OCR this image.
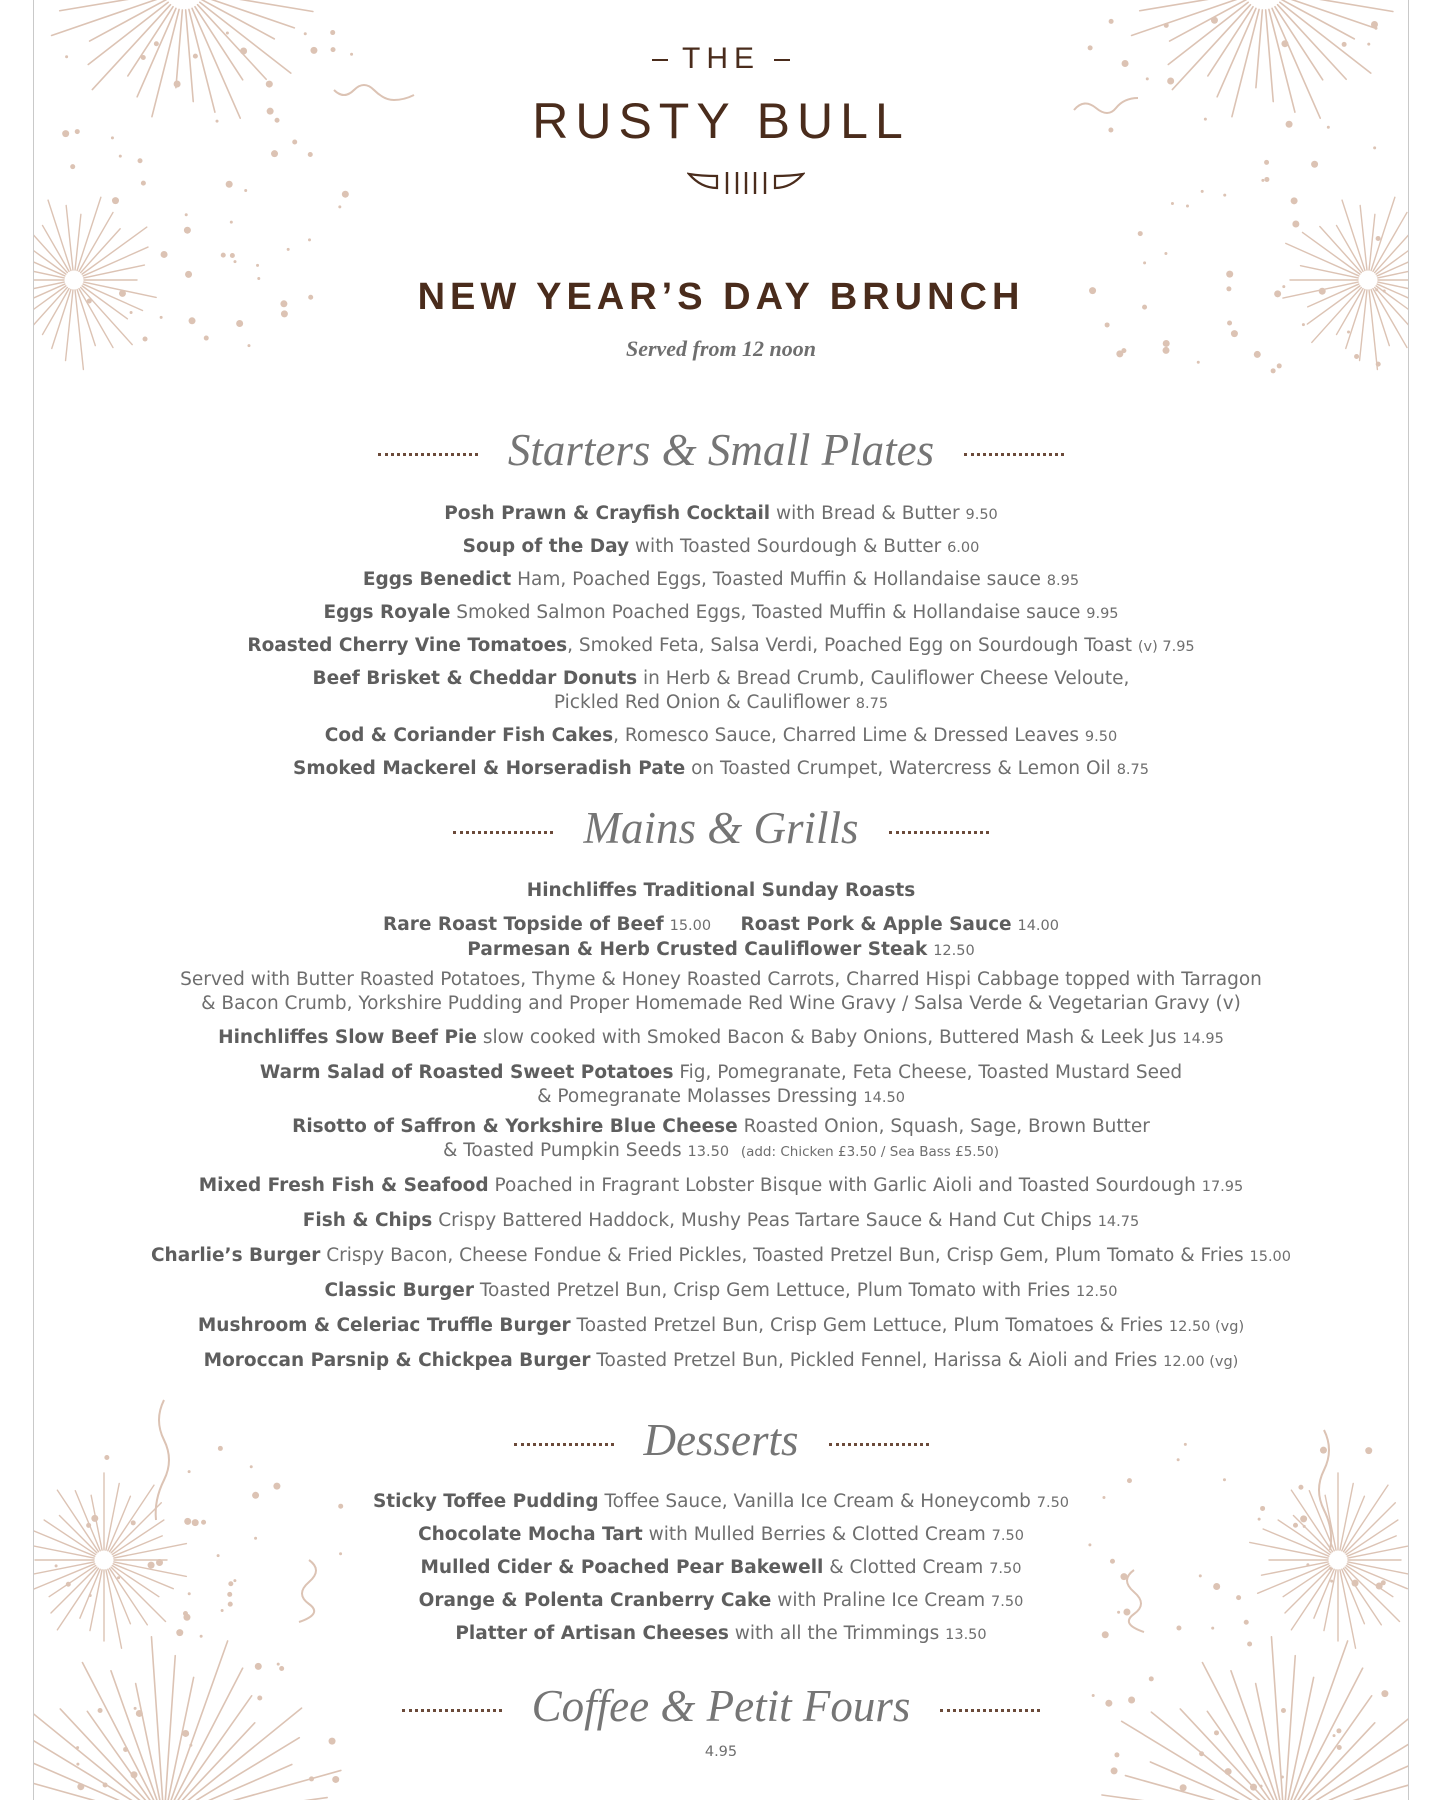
THE
RUSTY BULL
NEW YEAR’S DAY BRUNCH
Served from 12 noon
Starters & Small Plates
Posh Prawn & Crayfish Cocktail with Bread & Butter 9.50
Soup of the Day with Toasted Sourdough & Butter 6.00
Eggs Benedict Ham, Poached Eggs, Toasted Muffin & Hollandaise sauce 8.95
Eggs Royale Smoked Salmon Poached Eggs, Toasted Muffin & Hollandaise sauce 9.95
Roasted Cherry Vine Tomatoes, Smoked Feta, Salsa Verdi, Poached Egg on Sourdough Toast (v) 7.95
Beef Brisket & Cheddar Donuts in Herb & Bread Crumb, Cauliflower Cheese Veloute,
Pickled Red Onion & Cauliflower 8.75
Cod & Coriander Fish Cakes, Romesco Sauce, Charred Lime & Dressed Leaves 9.50
Smoked Mackerel & Horseradish Pate on Toasted Crumpet, Watercress & Lemon Oil 8.75
Mains & Grills
Hinchliffes Traditional Sunday Roasts
Rare Roast Topside of Beef 15.00 Roast Pork & Apple Sauce 14.00
Parmesan & Herb Crusted Cauliflower Steak 12.50
Served with Butter Roasted Potatoes, Thyme & Honey Roasted Carrots, Charred Hispi Cabbage topped with Tarragon
& Bacon Crumb, Yorkshire Pudding and Proper Homemade Red Wine Gravy / Salsa Verde & Vegetarian Gravy (v)
Hinchliffes Slow Beef Pie slow cooked with Smoked Bacon & Baby Onions, Buttered Mash & Leek Jus 14.95
Warm Salad of Roasted Sweet Potatoes Fig, Pomegranate, Feta Cheese, Toasted Mustard Seed
& Pomegranate Molasses Dressing 14.50
Risotto of Saffron & Yorkshire Blue Cheese Roasted Onion, Squash, Sage, Brown Butter
& Toasted Pumpkin Seeds 13.50 (add: Chicken £3.50 / Sea Bass £5.50)
Mixed Fresh Fish & Seafood Poached in Fragrant Lobster Bisque with Garlic Aioli and Toasted Sourdough 17.95
Fish & Chips Crispy Battered Haddock, Mushy Peas Tartare Sauce & Hand Cut Chips 14.75
Charlie’s Burger Crispy Bacon, Cheese Fondue & Fried Pickles, Toasted Pretzel Bun, Crisp Gem, Plum Tomato & Fries 15.00
Classic Burger Toasted Pretzel Bun, Crisp Gem Lettuce, Plum Tomato with Fries 12.50
Mushroom & Celeriac Truffle Burger Toasted Pretzel Bun, Crisp Gem Lettuce, Plum Tomatoes & Fries 12.50 (vg)
Moroccan Parsnip & Chickpea Burger Toasted Pretzel Bun, Pickled Fennel, Harissa & Aioli and Fries 12.00 (vg)
Desserts
Sticky Toffee Pudding Toffee Sauce, Vanilla Ice Cream & Honeycomb 7.50
Chocolate Mocha Tart with Mulled Berries & Clotted Cream 7.50
Mulled Cider & Poached Pear Bakewell & Clotted Cream 7.50
Orange & Polenta Cranberry Cake with Praline Ice Cream 7.50
Platter of Artisan Cheeses with all the Trimmings 13.50
Coffee & Petit Fours
4.95
